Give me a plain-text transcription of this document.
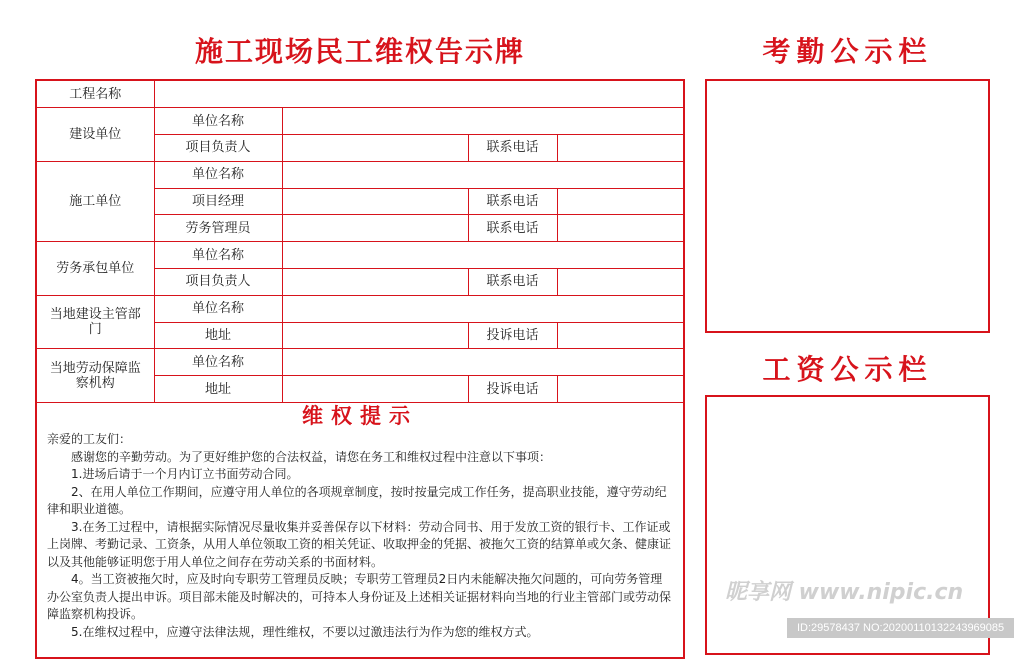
施工现场民工维权告示牌	考勤公示栏
工资公示栏
工程名称				
建设单位	单位名称			
	项目负责人		联系电话	
施工单位	单位名称			
	项目经理		联系电话	
	劳务管理员		联系电话	
劳务承包单位	单位名称			
	项目负责人		联系电话	
当地建设主管部门	单位名称			
	地址		投诉电话	
当地劳动保障监察机构	单位名称			
	地址		投诉电话	
维权提示

亲爱的工友们：

感谢您的辛勤劳动。为了更好维护您的合法权益，请您在务工和维权过程中注意以下事项：

1.进场后请于一个月内订立书面劳动合同。

2、在用人单位工作期间，应遵守用人单位的各项规章制度，按时按量完成工作任务，提高职业技能，遵守劳动纪律和职业道德。

3.在务工过程中，请根据实际情况尽量收集并妥善保存以下材料：劳动合同书、用于发放工资的银行卡、工作证或上岗牌、考勤记录、工资条，从用人单位领取工资的相关凭证、收取押金的凭据、被拖欠工资的结算单或欠条、健康证以及其他能够证明您于用人单位之间存在劳动关系的书面材料。

4。当工资被拖欠时，应及时向专职劳工管理员反映；专职劳工管理员2日内未能解决拖欠问题的，可向劳务管理办公室负责人提出申诉。项目部未能及时解决的，可持本人身份证及上述相关证据材料向当地的行业主管部门或劳动保障监察机构投诉。

5.在维权过程中，应遵守法律法规，理性维权，不要以过激违法行为作为您的维权方式。

昵享网 www.nipic.cn
ID:29578437 NO:20200110132243969085
